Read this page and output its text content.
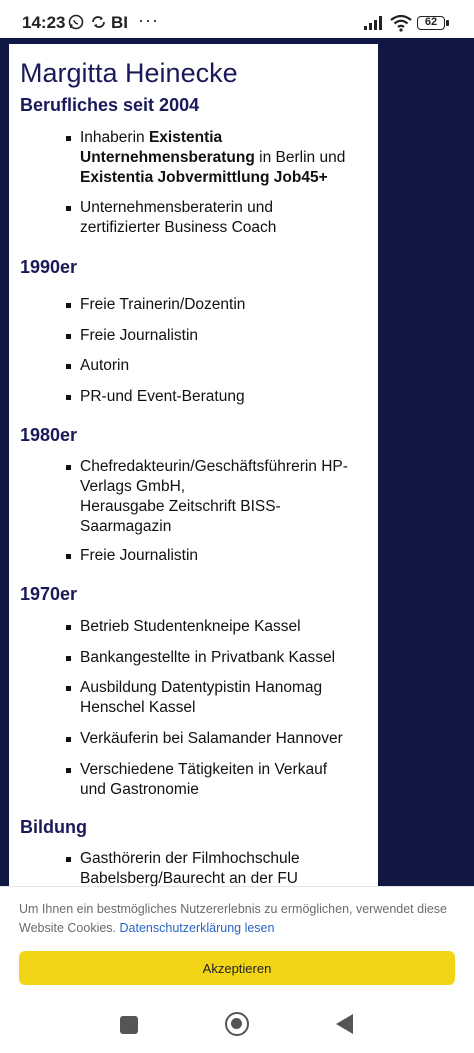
14:23	BI ···	62
Margitta Heinecke
Berufliches seit 2004
Inhaberin Existentia
Unternehmensberatung in Berlin und
Existentia Jobvermittlung Job45+
Unternehmensberaterin und
zertifizierter Business Coach
1990er
Freie Trainerin/Dozentin
Freie Journalistin
Autorin
PR-und Event-Beratung
1980er
Chefredakteurin/Geschäftsführerin HP-
Verlags GmbH,
Herausgabe Zeitschrift BISS-
Saarmagazin
Freie Journalistin
1970er
Betrieb Studentenkneipe Kassel
Bankangestellte in Privatbank Kassel
Ausbildung Datentypistin Hanomag
Henschel Kassel
Verkäuferin bei Salamander Hannover
Verschiedene Tätigkeiten in Verkauf
und Gastronomie
Bildung
Gasthörerin der Filmhochschule
Babelsberg/Baurecht an der FU
Um Ihnen ein bestmögliches Nutzererlebnis zu ermöglichen, verwendet diese Website Cookies. Datenschutzerklärung lesen
Akzeptieren
